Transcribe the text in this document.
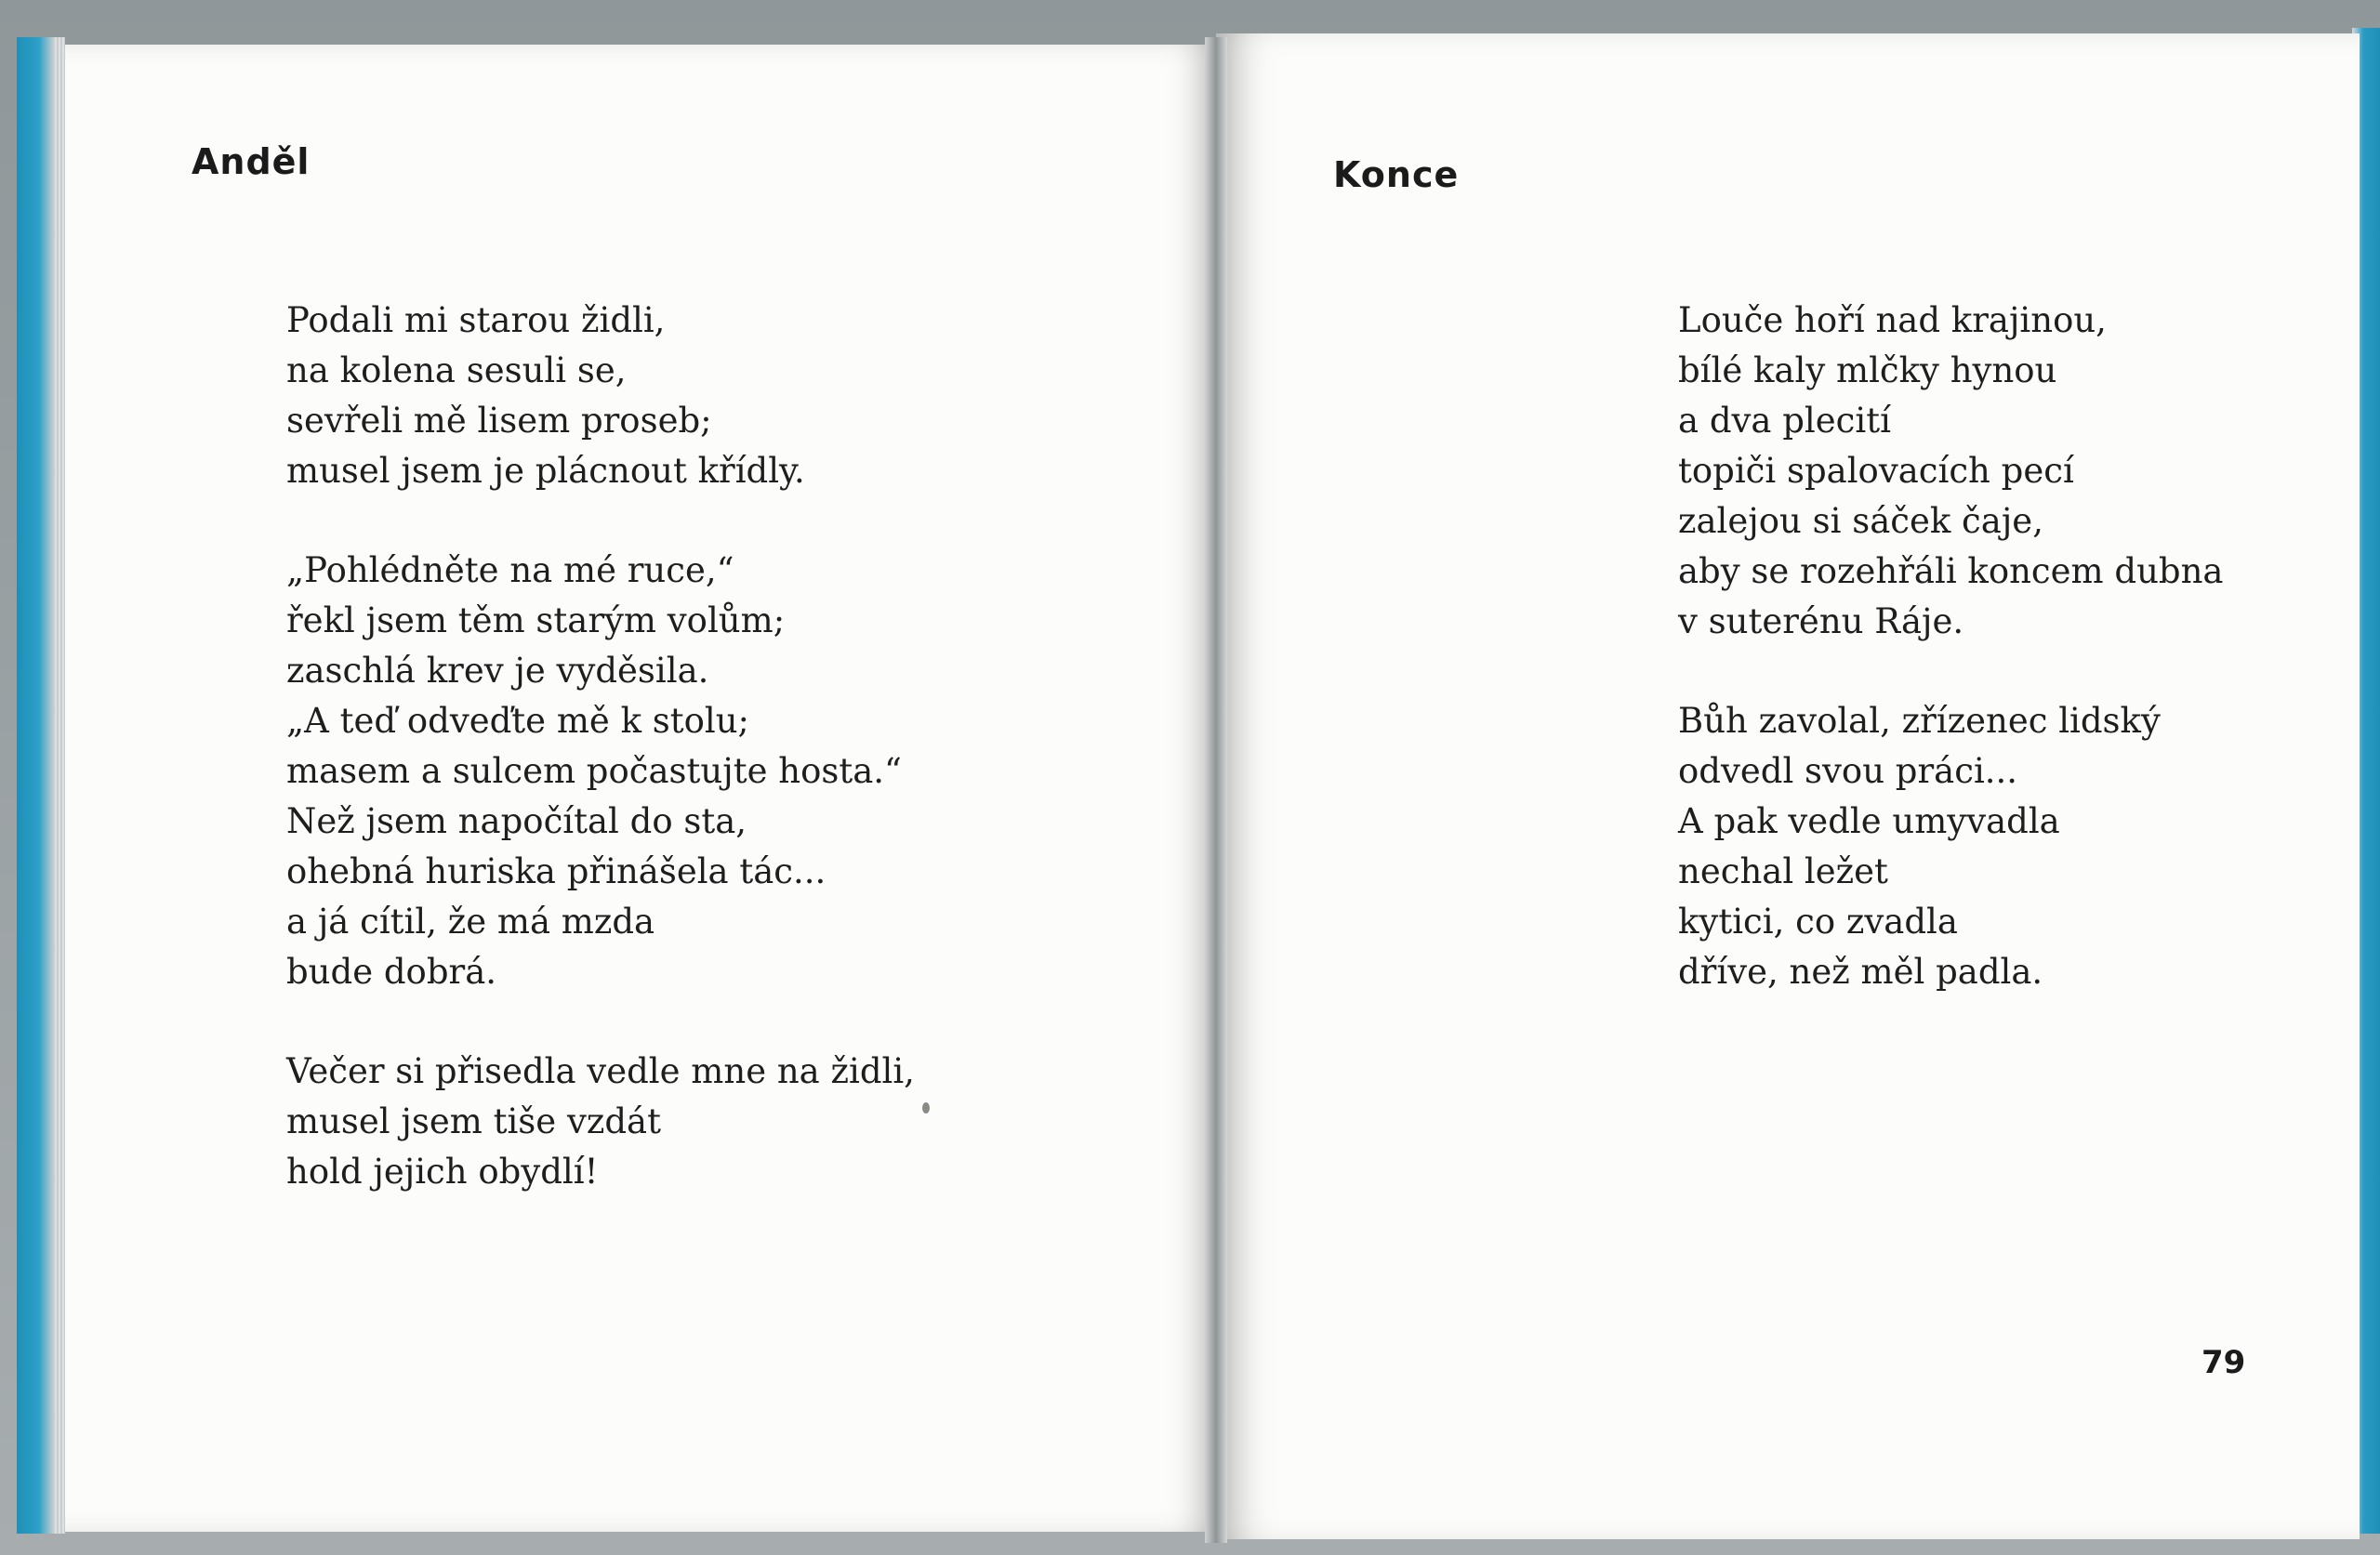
Anděl
Podali mi starou židli,
na kolena sesuli se,
sevřeli mě lisem proseb;
musel jsem je plácnout křídly.
„Pohlédněte na mé ruce,“
řekl jsem těm starým volům;
zaschlá krev je vyděsila.
„A teď odveďte mě k stolu;
masem a sulcem počastujte hosta.“
Než jsem napočítal do sta,
ohebná huriska přinášela tác...
a já cítil, že má mzda
bude dobrá.
Večer si přisedla vedle mne na židli,
musel jsem tiše vzdát
hold jejich obydlí!
Konce
Louče hoří nad krajinou,
bílé kaly mlčky hynou
a dva plecití
topiči spalovacích pecí
zalejou si sáček čaje,
aby se rozehřáli koncem dubna
v suterénu Ráje.
Bůh zavolal, zřízenec lidský
odvedl svou práci...
A pak vedle umyvadla
nechal ležet
kytici, co zvadla
dříve, než měl padla.
79
